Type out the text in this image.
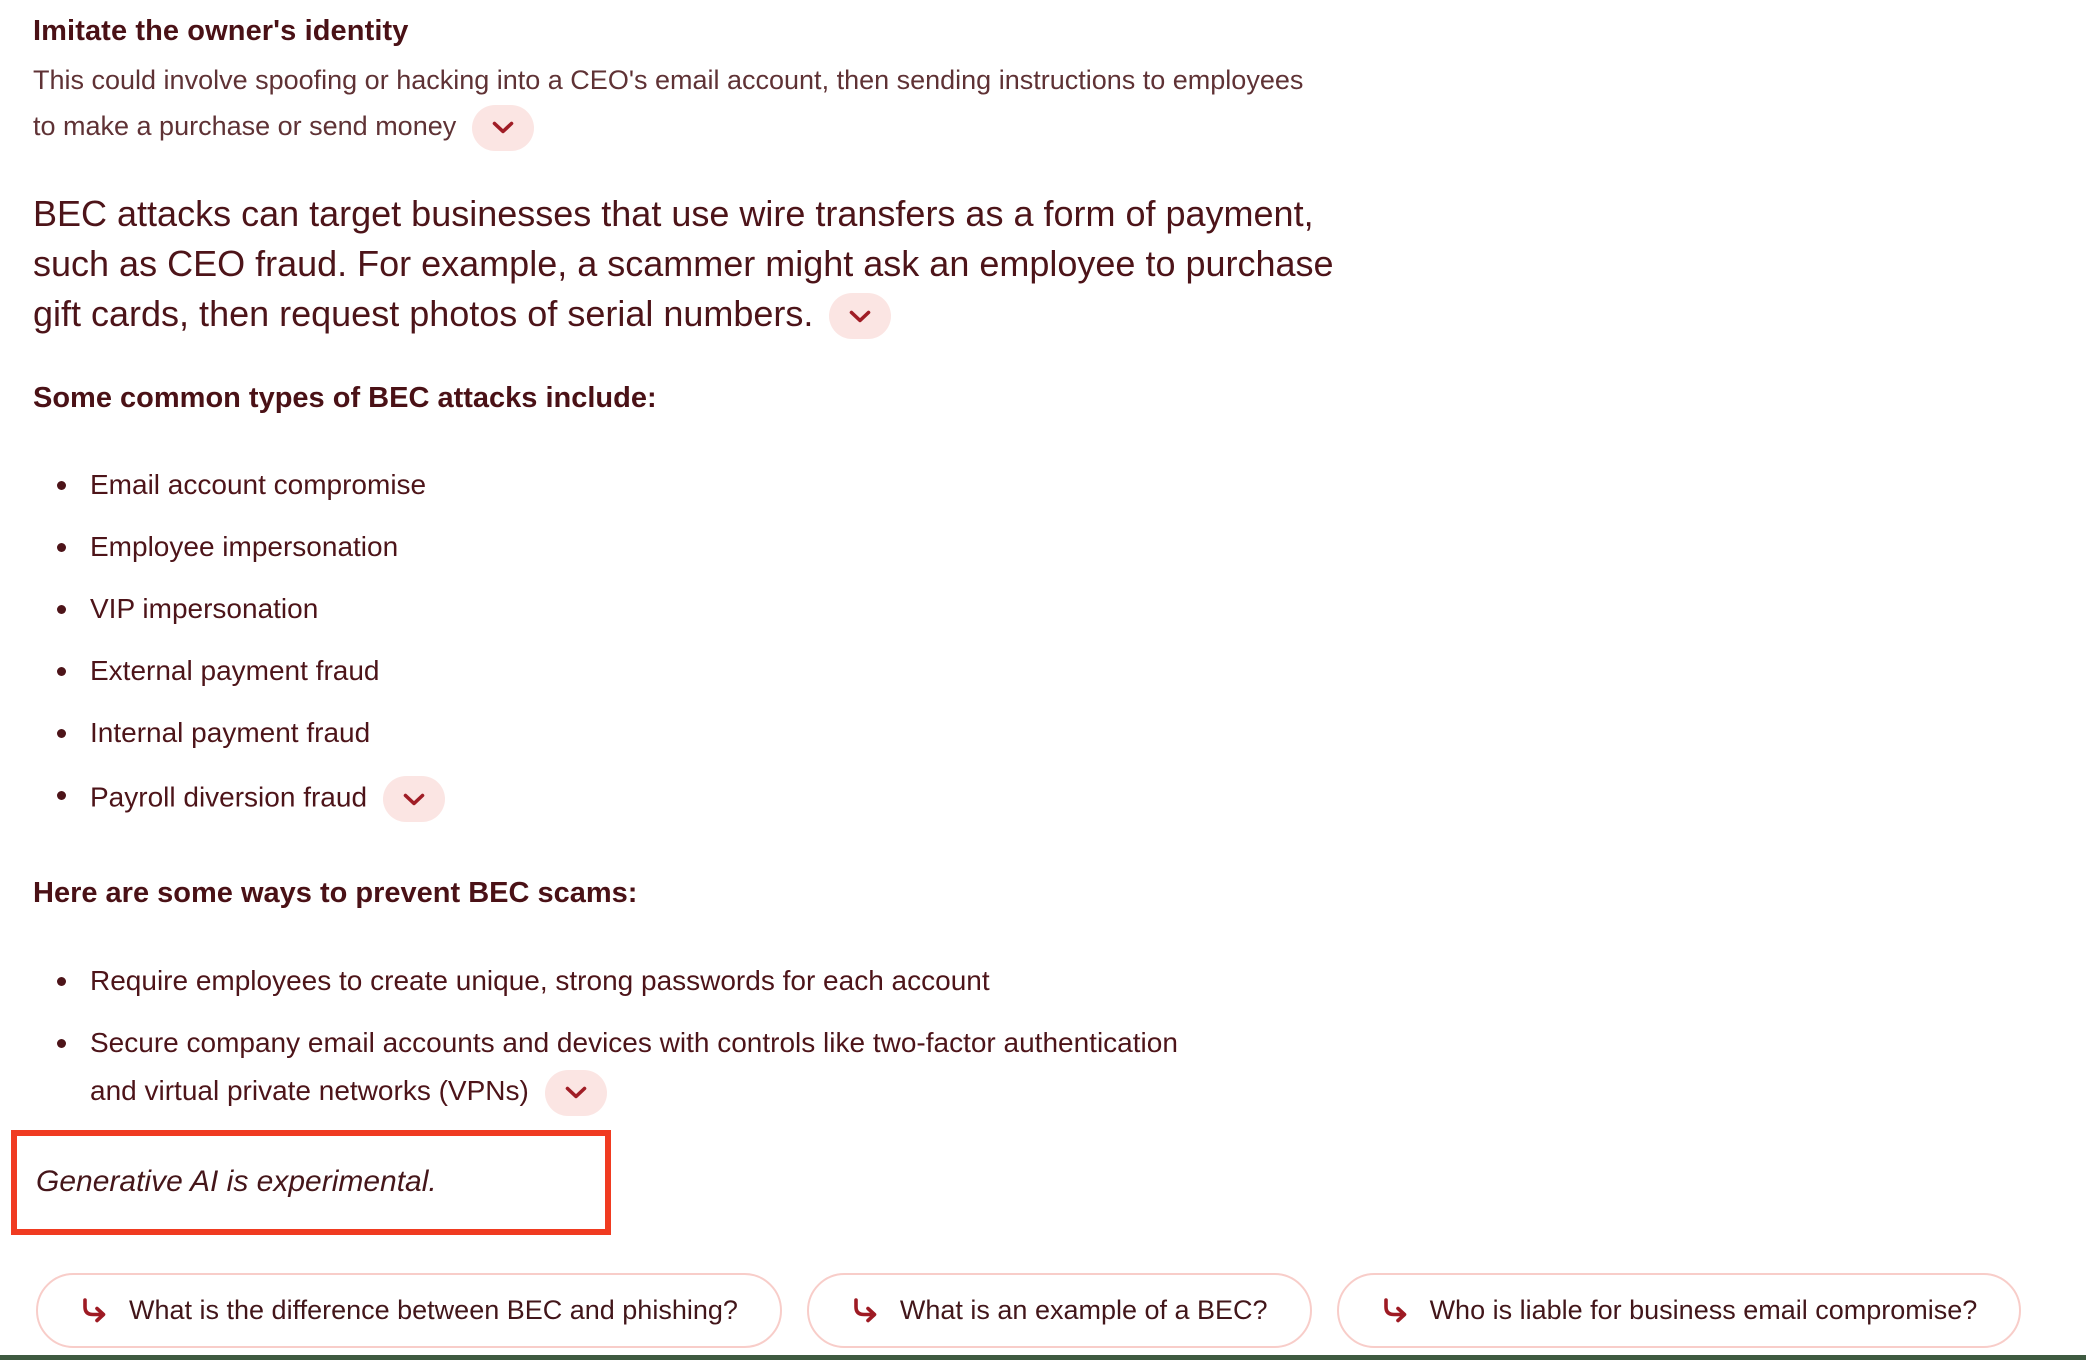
Imitate the owner's identity

This could involve spoofing or hacking into a CEO's email account, then sending instructions to employees to make a purchase or send money

BEC attacks can target businesses that use wire transfers as a form of payment, such as CEO fraud. For example, a scammer might ask an employee to purchase gift cards, then request photos of serial numbers.

Some common types of BEC attacks include:
Email account compromise
Employee impersonation
VIP impersonation
External payment fraud
Internal payment fraud
Payroll diversion fraud
Here are some ways to prevent BEC scams:
Require employees to create unique, strong passwords for each account
Secure company email accounts and devices with controls like two-factor authentication and virtual private networks (VPNs)
Generative AI is experimental.
What is the difference between BEC and phishing?	What is an example of a BEC?	Who is liable for business email compromise?
